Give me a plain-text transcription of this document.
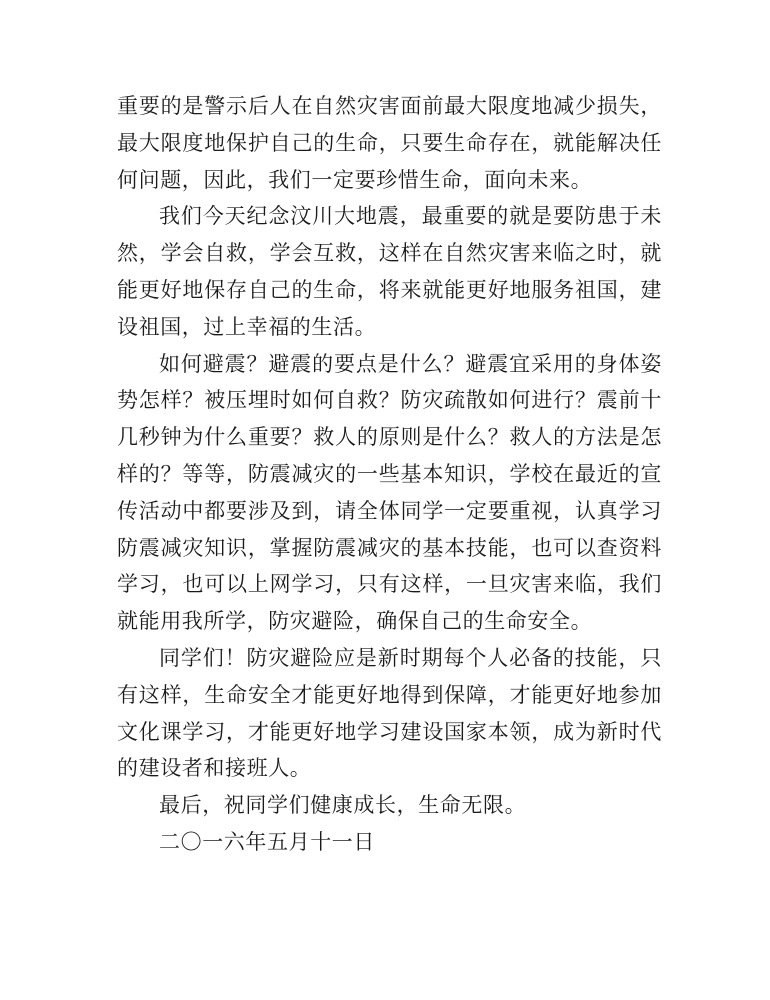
重要的是警示后人在自然灾害面前最大限度地减少损失，最大限度地保护自己的生命，只要生命存在，就能解决任何问题，因此，我们一定要珍惜生命，面向未来。

我们今天纪念汶川大地震，最重要的就是要防患于未然，学会自救，学会互救，这样在自然灾害来临之时，就能更好地保存自己的生命，将来就能更好地服务祖国，建设祖国，过上幸福的生活。

如何避震？避震的要点是什么？避震宜采用的身体姿势怎样？被压埋时如何自救？防灾疏散如何进行？震前十几秒钟为什么重要？救人的原则是什么？救人的方法是怎样的？等等，防震减灾的一些基本知识，学校在最近的宣传活动中都要涉及到，请全体同学一定要重视，认真学习防震减灾知识，掌握防震减灾的基本技能，也可以查资料学习，也可以上网学习，只有这样，一旦灾害来临，我们就能用我所学，防灾避险，确保自己的生命安全。

同学们！防灾避险应是新时期每个人必备的技能，只有这样，生命安全才能更好地得到保障，才能更好地参加文化课学习，才能更好地学习建设国家本领，成为新时代的建设者和接班人。

最后，祝同学们健康成长，生命无限。

二〇一六年五月十一日
